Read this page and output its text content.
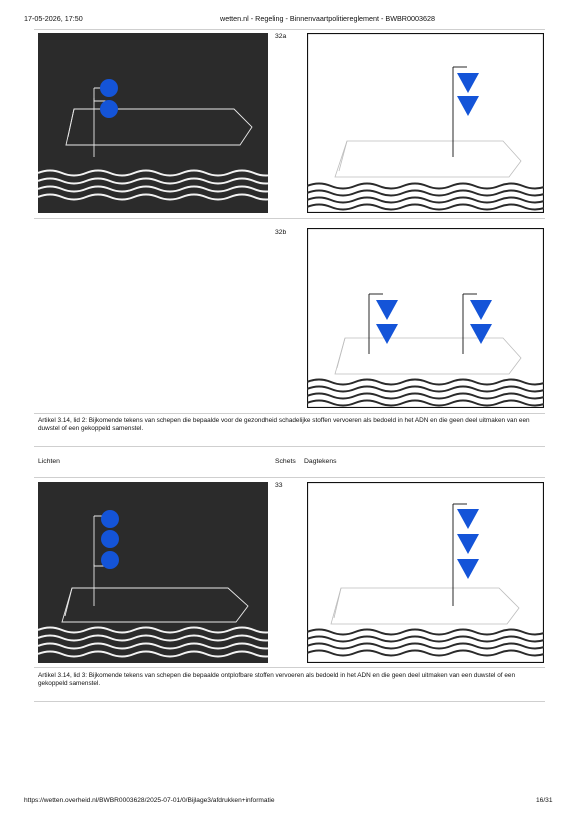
17-05-2026, 17:50	wetten.nl - Regeling - Binnenvaartpolitiereglement - BWBR0003628
32a
32b
Artikel 3.14, lid 2: Bijkomende tekens van schepen die bepaalde voor de gezondheid schadelijke stoffen vervoeren als bedoeld in het ADN en die geen deel uitmaken van een duwstel of een gekoppeld samenstel.
Lichten	Schets Dagtekens
33
Artikel 3.14, lid 3: Bijkomende tekens van schepen die bepaalde ontplofbare stoffen vervoeren als bedoeld in het ADN en die geen deel uitmaken van een duwstel of een gekoppeld samenstel.
https://wetten.overheid.nl/BWBR0003628/2025-07-01/0/Bijlage3/afdrukken+informatie	16/31
